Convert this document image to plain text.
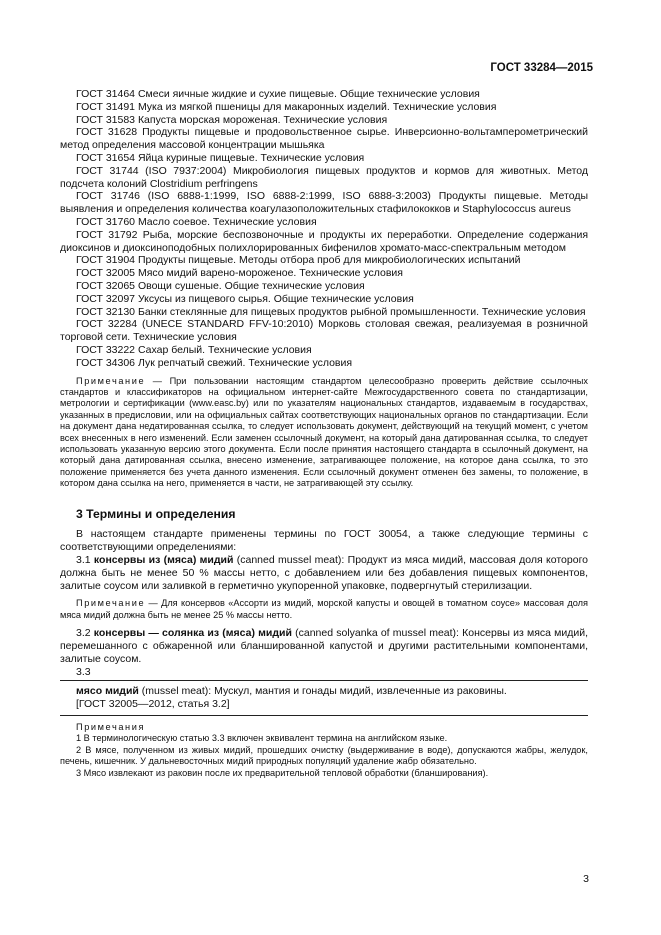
ГОСТ 33284—2015

ГОСТ 31464 Смеси яичные жидкие и сухие пищевые. Общие технические условия

ГОСТ 31491 Мука из мягкой пшеницы для макаронных изделий. Технические условия

ГОСТ 31583 Капуста морская мороженая. Технические условия

ГОСТ 31628 Продукты пищевые и продовольственное сырье. Инверсионно-вольтамперометрический метод определения массовой концентрации мышьяка

ГОСТ 31654 Яйца куриные пищевые. Технические условия

ГОСТ 31744 (ISO 7937:2004) Микробиология пищевых продуктов и кормов для животных. Метод подсчета колоний Clostridium perfringens

ГОСТ 31746 (ISO 6888-1:1999, ISO 6888-2:1999, ISO 6888-3:2003) Продукты пищевые. Методы выявления и определения количества коагулазоположительных стафилококков и Staphylococcus aureus

ГОСТ 31760 Масло соевое. Технические условия

ГОСТ 31792 Рыба, морские беспозвоночные и продукты их переработки. Определение содержания диоксинов и диоксиноподобных полихлорированных бифенилов хромато-масс-спектральным методом

ГОСТ 31904 Продукты пищевые. Методы отбора проб для микробиологических испытаний

ГОСТ 32005 Мясо мидий варено-мороженое. Технические условия

ГОСТ 32065 Овощи сушеные. Общие технические условия

ГОСТ 32097 Уксусы из пищевого сырья. Общие технические условия

ГОСТ 32130 Банки стеклянные для пищевых продуктов рыбной промышленности. Технические условия

ГОСТ 32284 (UNECE STANDARD FFV-10:2010) Морковь столовая свежая, реализуемая в розничной торговой сети. Технические условия

ГОСТ 33222 Сахар белый. Технические условия

ГОСТ 34306 Лук репчатый свежий. Технические условия

Примечание — При пользовании настоящим стандартом целесообразно проверить действие ссылочных стандартов и классификаторов на официальном интернет-сайте Межгосударственного совета по стандартизации, метрологии и сертификации (www.easc.by) или по указателям национальных стандартов, издаваемым в государствах, указанных в предисловии, или на официальных сайтах соответствующих национальных органов по стандартизации. Если на документ дана недатированная ссылка, то следует использовать документ, действующий на текущий момент, с учетом всех внесенных в него изменений. Если заменен ссылочный документ, на который дана датированная ссылка, то следует использовать указанную версию этого документа. Если после принятия настоящего стандарта в ссылочный документ, на который дана датированная ссылка, внесено изменение, затрагивающее положение, на которое дана ссылка, то это положение применяется без учета данного изменения. Если ссылочный документ отменен без замены, то положение, в котором дана ссылка на него, применяется в части, не затрагивающей эту ссылку.

3 Термины и определения

В настоящем стандарте применены термины по ГОСТ 30054, а также следующие термины с соответствующими определениями:

3.1 консервы из (мяса) мидий (canned mussel meat): Продукт из мяса мидий, массовая доля которого должна быть не менее 50 % массы нетто, с добавлением или без добавления пищевых компонентов, залитые соусом или заливкой в герметично укупоренной упаковке, подвергнутый стерилизации.

Примечание — Для консервов «Ассорти из мидий, морской капусты и овощей в томатном соусе» массовая доля мяса мидий должна быть не менее 25 % массы нетто.

3.2 консервы — солянка из (мяса) мидий (canned solyanka of mussel meat): Консервы из мяса мидий, перемешанного с обжаренной или бланшированной капустой и другими растительными компонентами, залитые соусом.

3.3

мясо мидий (mussel meat): Мускул, мантия и гонады мидий, извлеченные из раковины.
[ГОСТ 32005—2012, статья 3.2]
Примечания

1 В терминологическую статью 3.3 включен эквивалент термина на английском языке.

2 В мясе, полученном из живых мидий, прошедших очистку (выдерживание в воде), допускаются жабры, желудок, печень, кишечник. У дальневосточных мидий природных популяций удаление жабр обязательно.

3 Мясо извлекают из раковин после их предварительной тепловой обработки (бланширования).

3
